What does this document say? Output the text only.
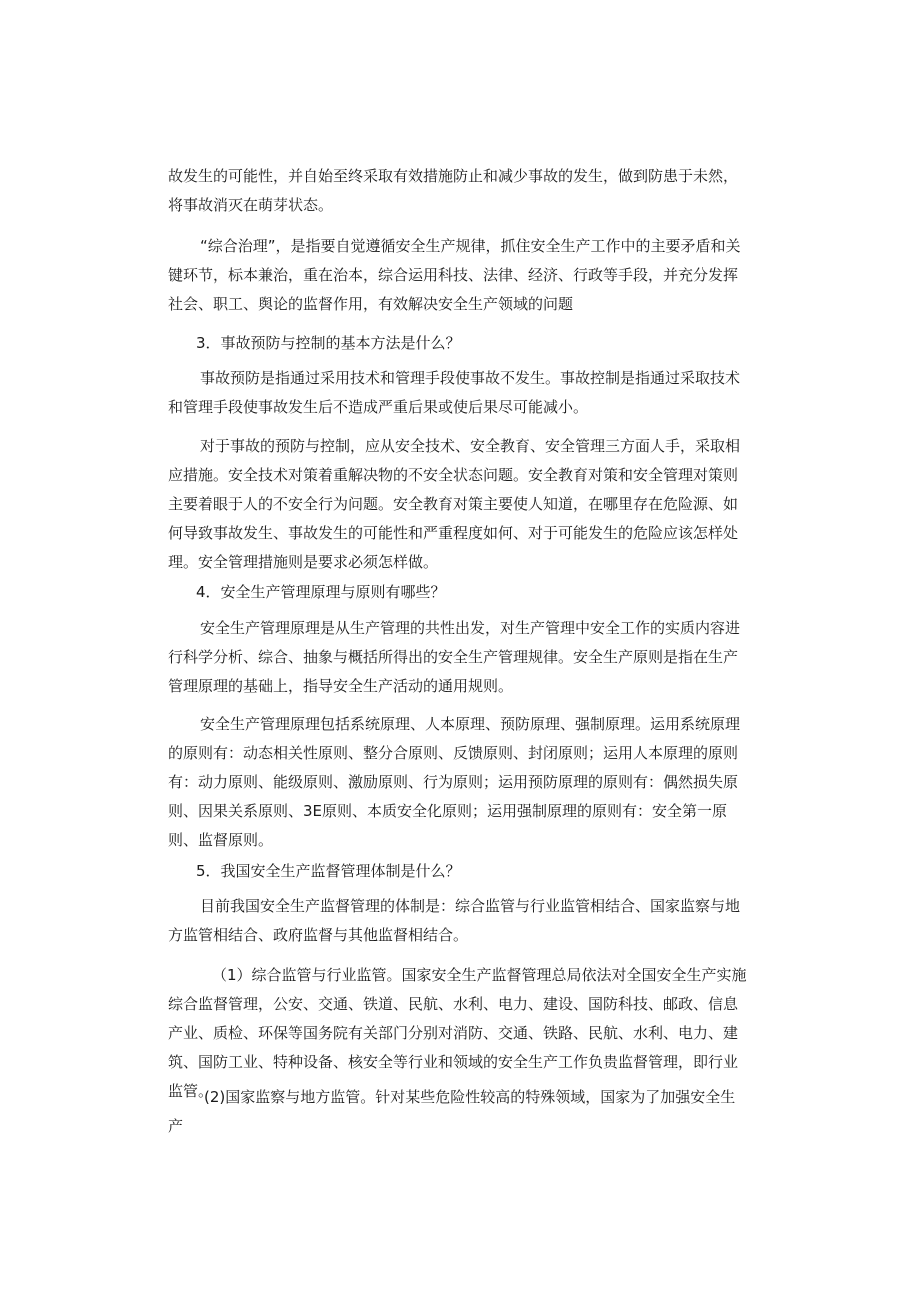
故发生的可能性，并自始至终采取有效措施防止和减少事故的发生，做到防患于未然，将事故消灭在萌芽状态。

“综合治理”，是指要自觉遵循安全生产规律，抓住安全生产工作中的主要矛盾和关键环节，标本兼治，重在治本，综合运用科技、法律、经济、行政等手段，并充分发挥社会、职工、舆论的监督作用，有效解决安全生产领域的问题

3．事故预防与控制的基本方法是什么？

事故预防是指通过采用技术和管理手段使事故不发生。事故控制是指通过采取技术和管理手段使事故发生后不造成严重后果或使后果尽可能减小。

对于事故的预防与控制，应从安全技术、安全教育、安全管理三方面人手，采取相应措施。安全技术对策着重解决物的不安全状态问题。安全教育对策和安全管理对策则主要着眼于人的不安全行为问题。安全教育对策主要使人知道，在哪里存在危险源、如何导致事故发生、事故发生的可能性和严重程度如何、对于可能发生的危险应该怎样处理。安全管理措施则是要求必须怎样做。

4．安全生产管理原理与原则有哪些？

安全生产管理原理是从生产管理的共性出发，对生产管理中安全工作的实质内容进行科学分析、综合、抽象与概括所得出的安全生产管理规律。安全生产原则是指在生产管理原理的基础上，指导安全生产活动的通用规则。

安全生产管理原理包括系统原理、人本原理、预防原理、强制原理。运用系统原理的原则有：动态相关性原则、整分合原则、反馈原则、封闭原则；运用人本原理的原则有：动力原则、能级原则、激励原则、行为原则；运用预防原理的原则有：偶然损失原则、因果关系原则、3E原则、本质安全化原则；运用强制原理的原则有：安全第一原则、监督原则。

5．我国安全生产监督管理体制是什么？

目前我国安全生产监督管理的体制是：综合监管与行业监管相结合、国家监察与地方监管相结合、政府监督与其他监督相结合。

（1）综合监管与行业监管。国家安全生产监督管理总局依法对全国安全生产实施综合监督管理，公安、交通、铁道、民航、水利、电力、建设、国防科技、邮政、信息产业、质检、环保等国务院有关部门分别对消防、交通、铁路、民航、水利、电力、建筑、国防工业、特种设备、核安全等行业和领域的安全生产工作负贵监督管理，即行业监管。

(2)国家监察与地方监管。针对某些危险性较高的特殊领域，国家为了加强安全生产
